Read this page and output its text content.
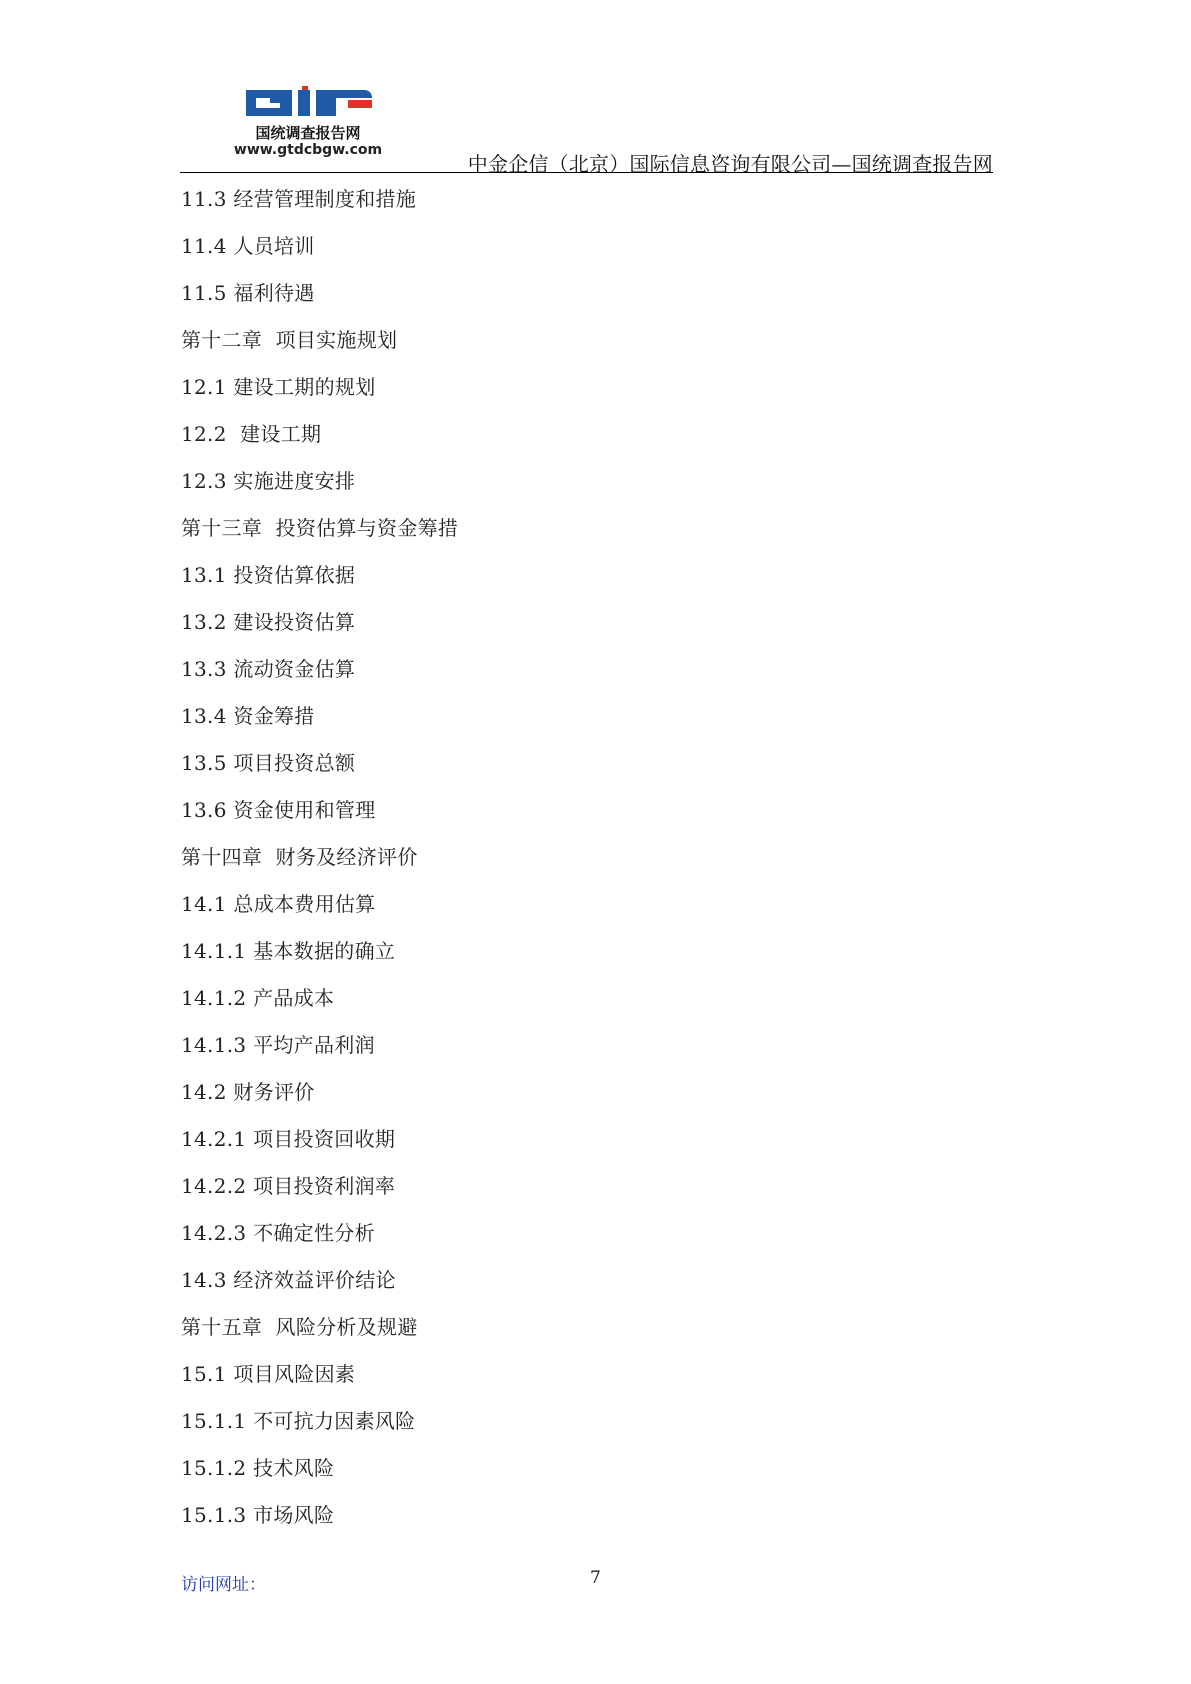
国统调查报告网
www.gtdcbgw.com
中金企信（北京）国际信息咨询有限公司—国统调查报告网
11.3 经营管理制度和措施
11.4 人员培训
11.5 福利待遇
第十二章  项目实施规划
12.1 建设工期的规划
12.2  建设工期
12.3 实施进度安排
第十三章  投资估算与资金筹措
13.1 投资估算依据
13.2 建设投资估算
13.3 流动资金估算
13.4 资金筹措
13.5 项目投资总额
13.6 资金使用和管理
第十四章  财务及经济评价
14.1 总成本费用估算
14.1.1 基本数据的确立
14.1.2 产品成本
14.1.3 平均产品利润
14.2 财务评价
14.2.1 项目投资回收期
14.2.2 项目投资利润率
14.2.3 不确定性分析
14.3 经济效益评价结论
第十五章  风险分析及规避
15.1 项目风险因素
15.1.1 不可抗力因素风险
15.1.2 技术风险
15.1.3 市场风险
访问网址：	7
